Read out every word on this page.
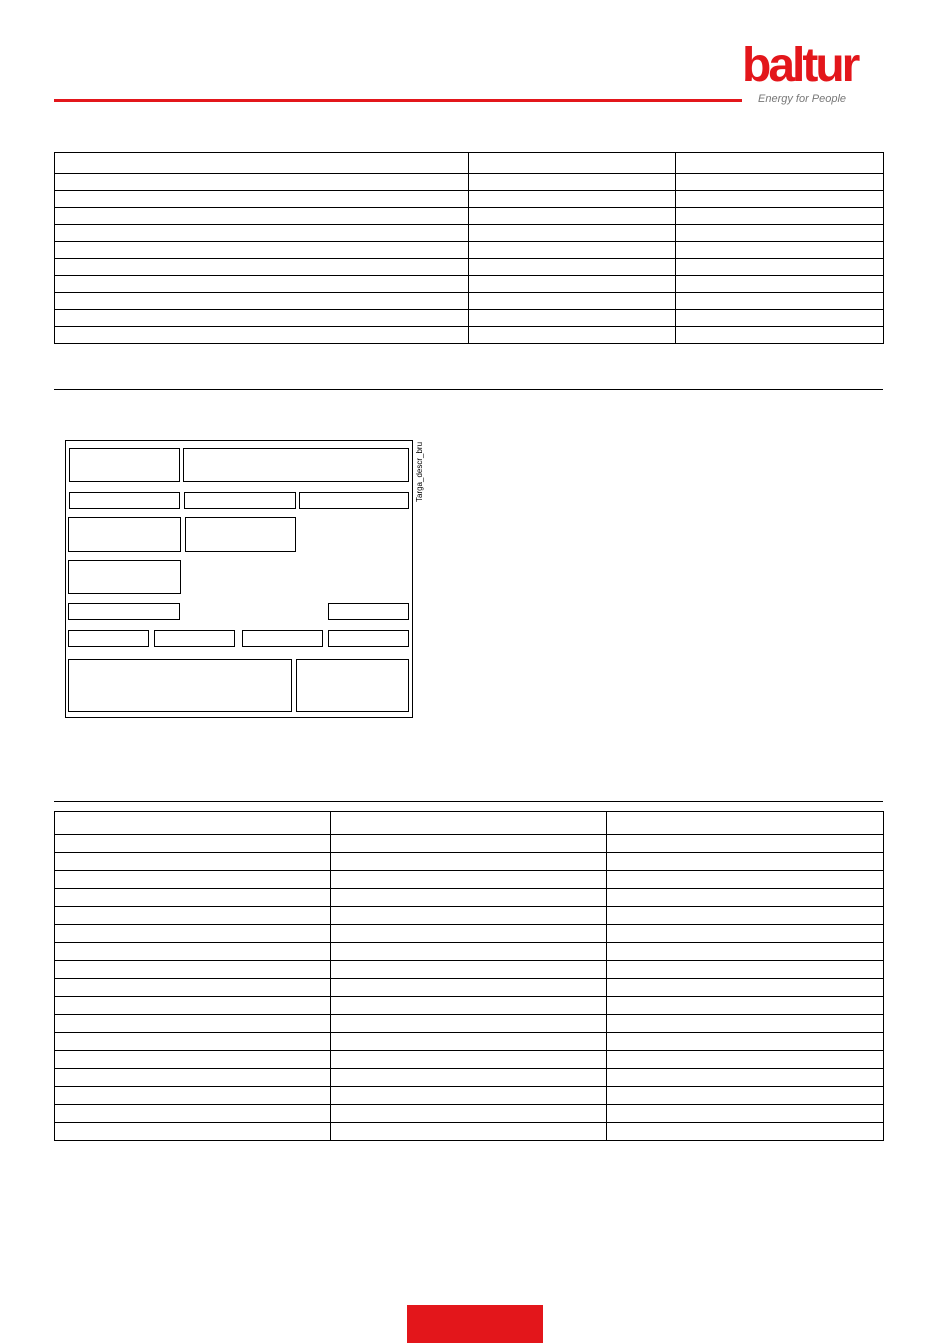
baltur
Energy for People

Targa_descr_bru
